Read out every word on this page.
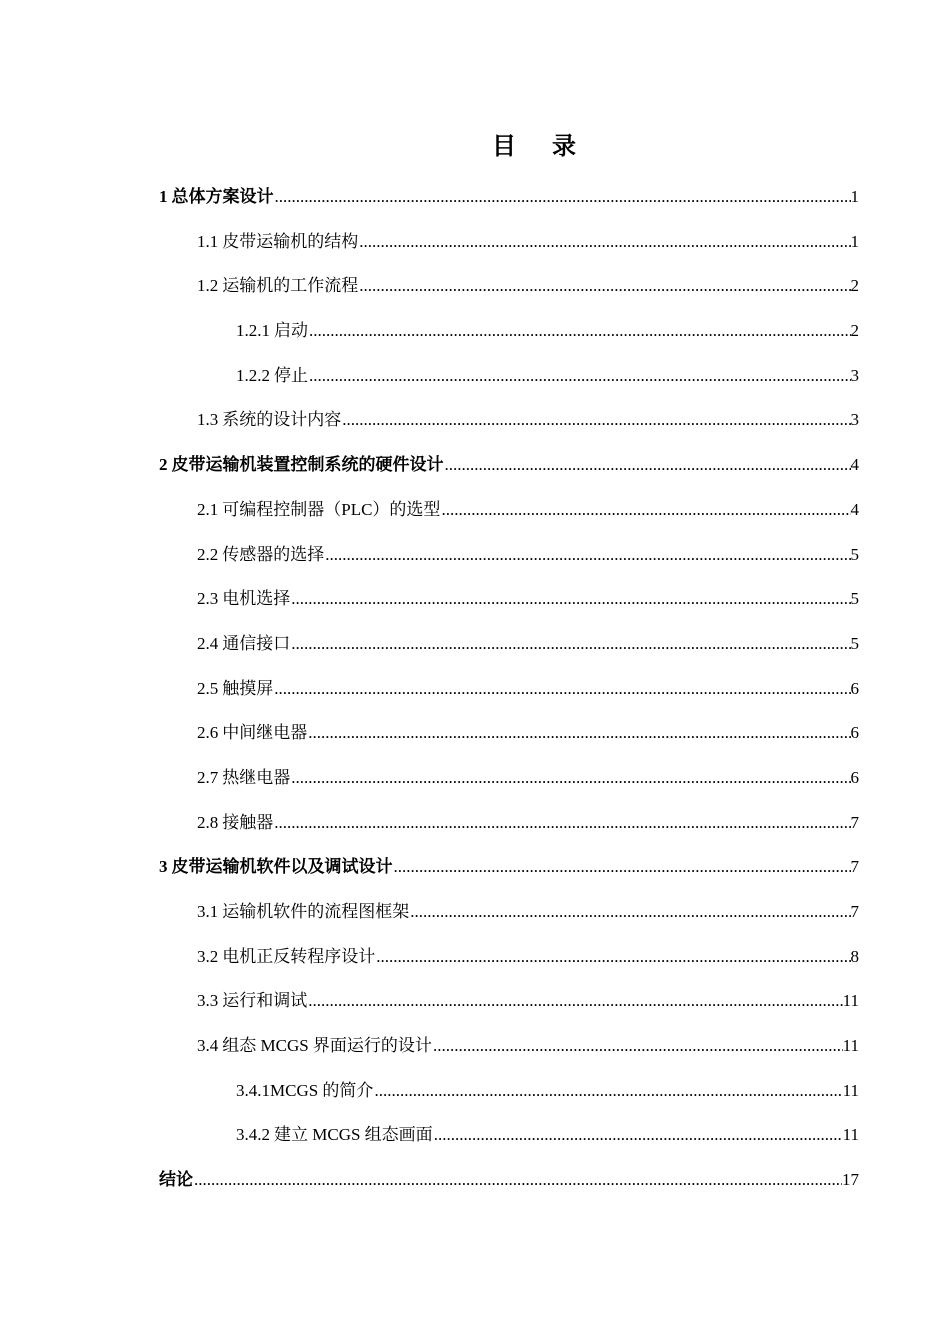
目 录
1 总体方案设计 .....	1
1.1 皮带运输机的结构 .....	1
1.2 运输机的工作流程 .....	2
1.2.1 启动 .....	2
1.2.2 停止 .....	3
1.3 系统的设计内容 .....	3
2 皮带运输机装置控制系统的硬件设计 .....	4
2.1 可编程控制器（PLC）的选型 .....	4
2.2 传感器的选择 .....	5
2.3 电机选择 .....	5
2.4 通信接口 .....	5
2.5 触摸屏 .....	6
2.6 中间继电器 .....	6
2.7 热继电器 .....	6
2.8 接触器 .....	7
3 皮带运输机软件以及调试设计 .....	7
3.1 运输机软件的流程图框架 .....	7
3.2 电机正反转程序设计 .....	8
3.3 运行和调试 .....	11
3.4 组态 MCGS 界面运行的设计 .....	11
3.4.1MCGS 的简介 .....	11
3.4.2 建立 MCGS 组态画面 .....	11
结论 .....	17
